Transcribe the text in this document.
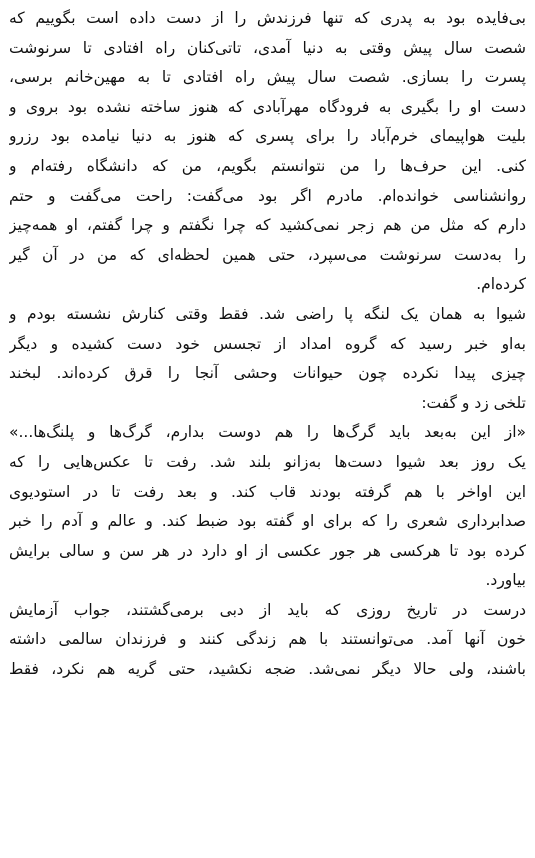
بی‌فایده بود به پدری که تنها فرزندش را از دست داده است بگوییم که
شصت سال پیش وقتی به دنیا آمدی، تاتی‌کنان راه افتادی تا سرنوشت
پسرت را بسازی. شصت سال پیش راه افتادی تا به مهین‌خانم برسی،
دست او را بگیری به فرودگاه مهرآبادی که هنوز ساخته نشده بود بروی و
بلیت هواپیمای خرم‌آباد را برای پسری که هنوز به دنیا نیامده بود رزرو
کنی. این حرف‌ها را من نتوانستم بگویم، من که دانشگاه رفته‌ام و
روانشناسی خوانده‌ام. مادرم اگر بود می‌گفت: راحت می‌گفت و حتم
دارم که مثل من هم زجر نمی‌کشید که چرا نگفتم و چرا گفتم، او همه‌چیز
را به‌دست سرنوشت می‌سپرد، حتی همین لحظه‌ای که من در آن گیر
کرده‌ام.
شیوا به همان یک لنگه پا راضی شد. فقط وقتی کنارش نشسته بودم و
به‌او خبر رسید که گروه امداد از تجسس خود دست کشیده و دیگر
چیزی پیدا نکرده چون حیوانات وحشی آنجا را قرق کرده‌اند. لبخند
تلخی زد و گفت:
«از این به‌بعد باید گرگ‌ها را هم دوست بدارم، گرگ‌ها و پلنگ‌ها...»
یک روز بعد شیوا دست‌ها به‌زانو بلند شد. رفت تا عکس‌هایی را که
این اواخر با هم گرفته بودند قاب کند. و بعد رفت تا در استودیوی
صدابرداری شعری را که برای او گفته بود ضبط کند. و عالم و آدم را خبر
کرده بود تا هرکسی هر جور عکسی از او دارد در هر سن و سالی برایش
بیاورد.
درست در تاریخ روزی که باید از دبی برمی‌گشتند، جواب آزمایش
خون آنها آمد. می‌توانستند با هم زندگی کنند و فرزندان سالمی داشته
باشند، ولی حالا دیگر نمی‌شد. ضجه نکشید، حتی گریه هم نکرد، فقط
